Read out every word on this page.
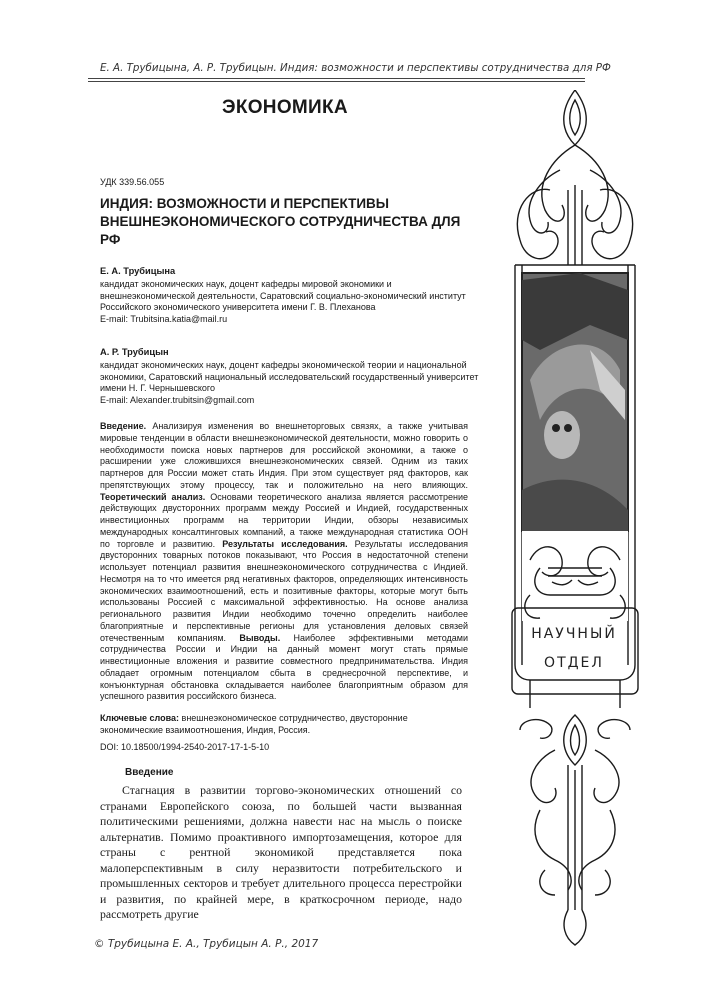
Е. А. Трубицына, А. Р. Трубицын. Индия: возможности и перспективы сотрудничества для РФ
ЭКОНОМИКА
УДК 339.56.055
ИНДИЯ: ВОЗМОЖНОСТИ И ПЕРСПЕКТИВЫ ВНЕШНЕЭКОНОМИЧЕСКОГО СОТРУДНИЧЕСТВА ДЛЯ РФ
Е. А. Трубицына
кандидат экономических наук, доцент кафедры мировой экономики и внешнеэкономической деятельности, Саратовский социально-экономический институт Российского экономического университета имени Г. В. Плеханова
E-mail: Trubitsina.katia@mail.ru
А. Р. Трубицын
кандидат экономических наук, доцент кафедры экономической теории и национальной экономики, Саратовский национальный исследовательский государственный университет имени Н. Г. Чернышевского
E-mail: Alexander.trubitsin@gmail.com
Введение. Анализируя изменения во внешнеторговых связях, а также учитывая мировые тенденции в области внешнеэкономической деятельности, можно говорить о необходимости поиска новых партнеров для российской экономики, а также о расширении уже сложившихся внешнеэкономических связей. Одним из таких партнеров для России может стать Индия. При этом существует ряд факторов, как препятствующих этому процессу, так и положительно на него влияющих. Теоретический анализ. Основами теоретического анализа является рассмотрение действующих двусторонних программ между Россией и Индией, государственных инвестиционных программ на территории Индии, обзоры независимых международных консалтинговых компаний, а также международная статистика ООН по торговле и развитию. Результаты исследования. Результаты исследования двусторонних товарных потоков показывают, что Россия в недостаточной степени использует потенциал развития внешнеэкономического сотрудничества с Индией. Несмотря на то что имеется ряд негативных факторов, определяющих интенсивность экономических взаимоотношений, есть и позитивные факторы, которые могут быть использованы Россией с максимальной эффективностью. На основе анализа регионального развития Индии необходимо точечно определить наиболее благоприятные и перспективные регионы для установления деловых связей отечественным компаниям. Выводы. Наиболее эффективными методами сотрудничества России и Индии на данный момент могут стать прямые инвестиционные вложения и развитие совместного предпринимательства. Индия обладает огромным потенциалом сбыта в среднесрочной перспективе, и конъюнктурная обстановка складывается наиболее благоприятным образом для успешного развития российского бизнеса.
Ключевые слова: внешнеэкономическое сотрудничество, двусторонние экономические взаимоотношения, Индия, Россия.
DOI: 10.18500/1994-2540-2017-17-1-5-10
Введение
Стагнация в развитии торгово-экономических отношений со странами Европейского союза, по большей части вызванная политическими решениями, должна навести нас на мысль о поиске альтернатив. Помимо проактивного импортозамещения, которое для страны с рентной экономикой представляется пока малоперспективным в силу неразвитости потребительского и промышленных секторов и требует длительного процесса перестройки и развития, по крайней мере, в краткосрочном периоде, надо рассмотреть другие
© Трубицына Е. А., Трубицын А. Р., 2017
НАУЧНЫЙ
ОТДЕЛ
